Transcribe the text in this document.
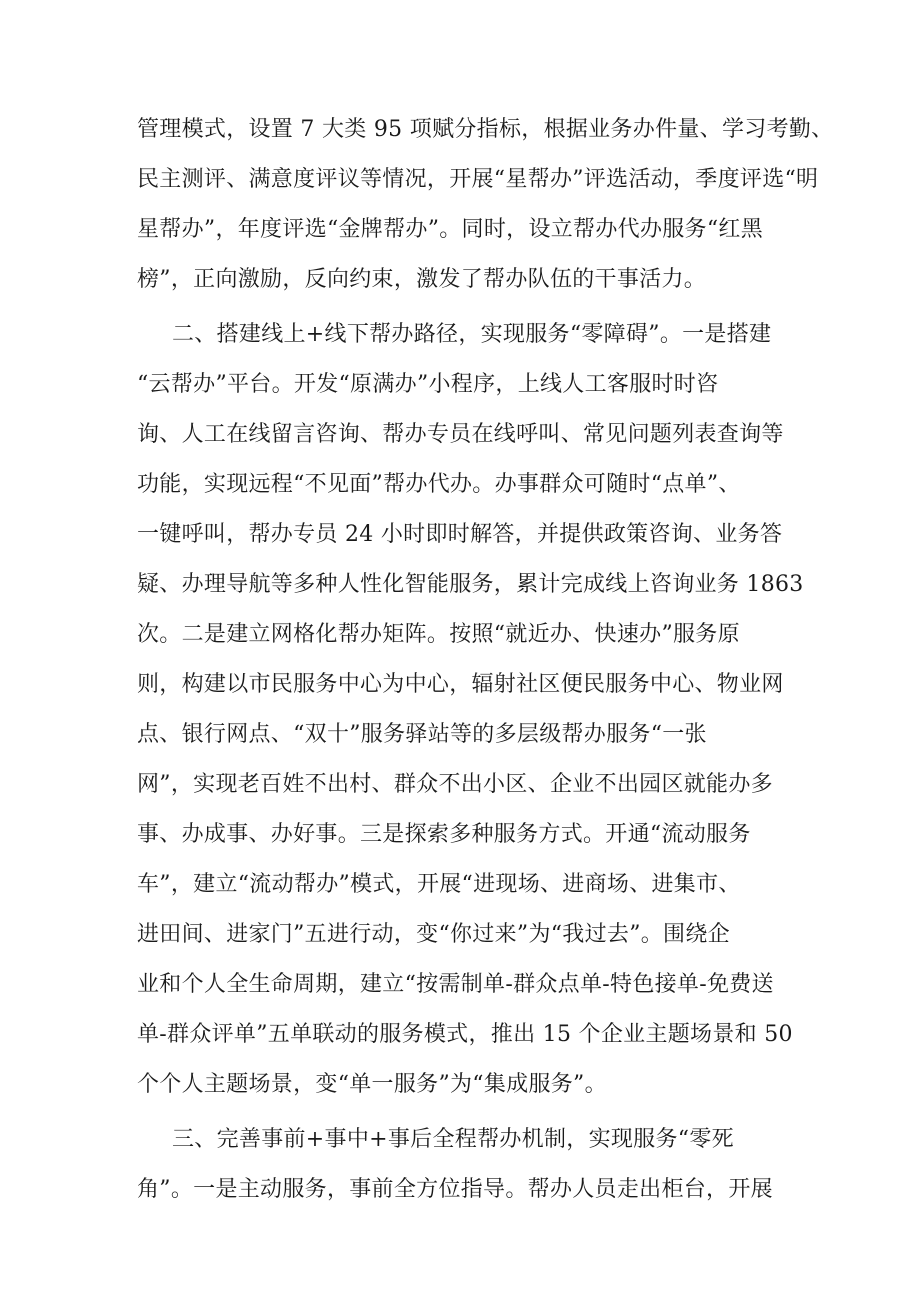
管理模式，设置 7 大类 95 项赋分指标，根据业务办件量、学习考勤、
民主测评、满意度评议等情况，开展“星帮办”评选活动，季度评选“明
星帮办”，年度评选“金牌帮办”。同时，设立帮办代办服务“红黑
榜”，正向激励，反向约束，激发了帮办队伍的干事活力。
二、搭建线上+线下帮办路径，实现服务“零障碍”。一是搭建
“云帮办”平台。开发“原满办”小程序，上线人工客服时时咨
询、人工在线留言咨询、帮办专员在线呼叫、常见问题列表查询等
功能，实现远程“不见面”帮办代办。办事群众可随时“点单”、
一键呼叫，帮办专员 24 小时即时解答，并提供政策咨询、业务答
疑、办理导航等多种人性化智能服务，累计完成线上咨询业务 1863
次。二是建立网格化帮办矩阵。按照“就近办、快速办”服务原
则，构建以市民服务中心为中心，辐射社区便民服务中心、物业网
点、银行网点、“双十”服务驿站等的多层级帮办服务“一张
网”，实现老百姓不出村、群众不出小区、企业不出园区就能办多
事、办成事、办好事。三是探索多种服务方式。开通“流动服务
车”，建立“流动帮办”模式，开展“进现场、进商场、进集市、
进田间、进家门”五进行动，变“你过来”为“我过去”。围绕企
业和个人全生命周期，建立“按需制单-群众点单-特色接单-免费送
单-群众评单”五单联动的服务模式，推出 15 个企业主题场景和 50
个个人主题场景，变“单一服务”为“集成服务”。
三、完善事前+事中+事后全程帮办机制，实现服务“零死
角”。一是主动服务，事前全方位指导。帮办人员走出柜台，开展
